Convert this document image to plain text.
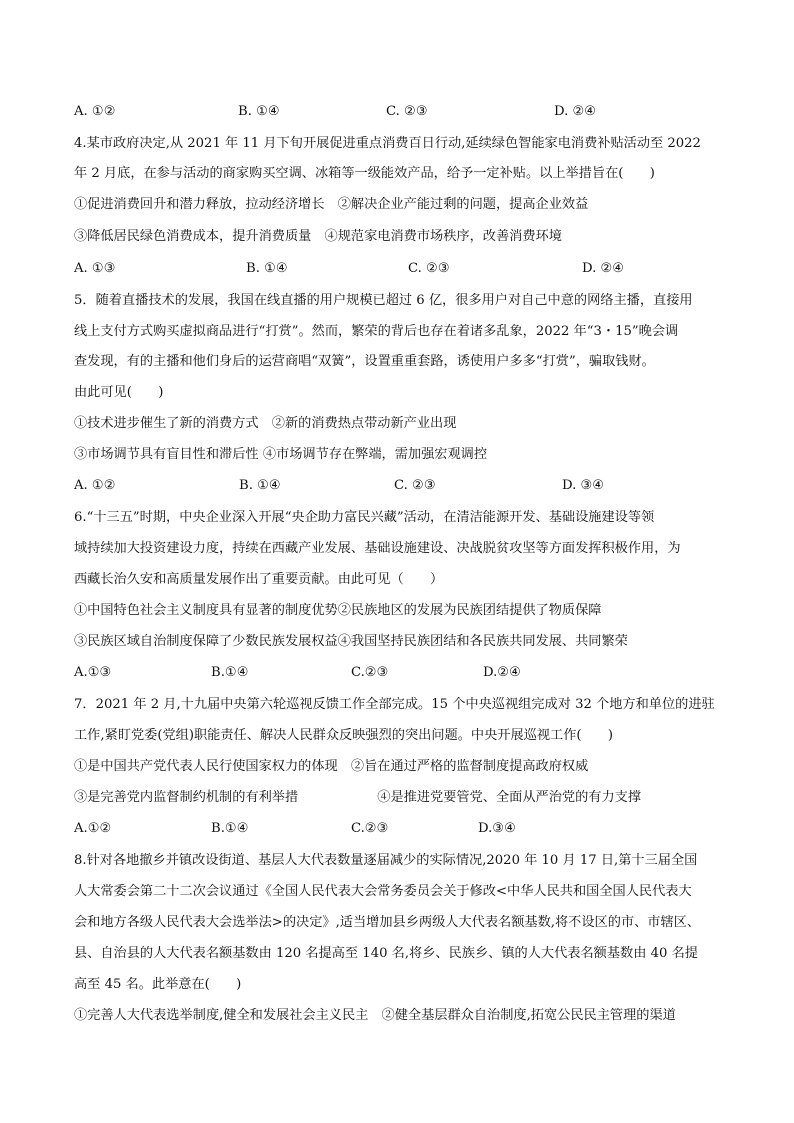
A. ①②	B. ①④	C. ②③	D. ②④
4.某市政府决定,从 2021 年 11 月下旬开展促进重点消费百日行动,延续绿色智能家电消费补贴活动至 2022
年 2 月底，在参与活动的商家购买空调、冰箱等一级能效产品，给予一定补贴。以上举措旨在(　　)
①促进消费回升和潜力释放，拉动经济增长　②解决企业产能过剩的问题，提高企业效益
③降低居民绿色消费成本，提升消费质量　④规范家电消费市场秩序，改善消费环境
A. ①③	B. ①④	C. ②③	D. ②④
5．随着直播技术的发展，我国在线直播的用户规模已超过 6 亿，很多用户对自己中意的网络主播，直接用
线上支付方式购买虚拟商品进行“打赏”。然而，繁荣的背后也存在着诸多乱象，2022 年“3・15”晚会调
查发现，有的主播和他们身后的运营商唱“双簧”，设置重重套路，诱使用户多多“打赏”，骗取钱财。
由此可见(　　)
①技术进步催生了新的消费方式　②新的消费热点带动新产业出现
③市场调节具有盲目性和滞后性 ④市场调节存在弊端，需加强宏观调控
A. ①②	B. ①④	C. ②③	D. ③④
6.“十三五”时期，中央企业深入开展“央企助力富民兴藏”活动，在清洁能源开发、基础设施建设等领
域持续加大投资建设力度，持续在西藏产业发展、基础设施建设、决战脱贫攻坚等方面发挥积极作用，为
西藏长治久安和高质量发展作出了重要贡献。由此可见（　　）
①中国特色社会主义制度具有显著的制度优势②民族地区的发展为民族团结提供了物质保障
③民族区域自治制度保障了少数民族发展权益④我国坚持民族团结和各民族共同发展、共同繁荣
A.①③	B.①④	C.②③	D.②④
7．2021 年 2 月,十九届中央第六轮巡视反馈工作全部完成。15 个中央巡视组完成对 32 个地方和单位的进驻
工作,紧盯党委(党组)职能责任、解决人民群众反映强烈的突出问题。中央开展巡视工作(　　)
①是中国共产党代表人民行使国家权力的体现　②旨在通过严格的监督制度提高政府权威
③是完善党内监督制约机制的有利举措　　　　　　④是推进党要管党、全面从严治党的有力支撑
A.①②	B.①④	C.②③	D.③④
8.针对各地撤乡并镇改设街道、基层人大代表数量逐届减少的实际情况,2020 年 10 月 17 日,第十三届全国
人大常委会第二十二次会议通过《全国人民代表大会常务委员会关于修改<中华人民共和国全国人民代表大
会和地方各级人民代表大会选举法>的决定》,适当增加县乡两级人大代表名额基数,将不设区的市、市辖区、
县、自治县的人大代表名额基数由 120 名提高至 140 名,将乡、民族乡、镇的人大代表名额基数由 40 名提
高至 45 名。此举意在(　　)
①完善人大代表选举制度,健全和发展社会主义民主　②健全基层群众自治制度,拓宽公民民主管理的渠道
